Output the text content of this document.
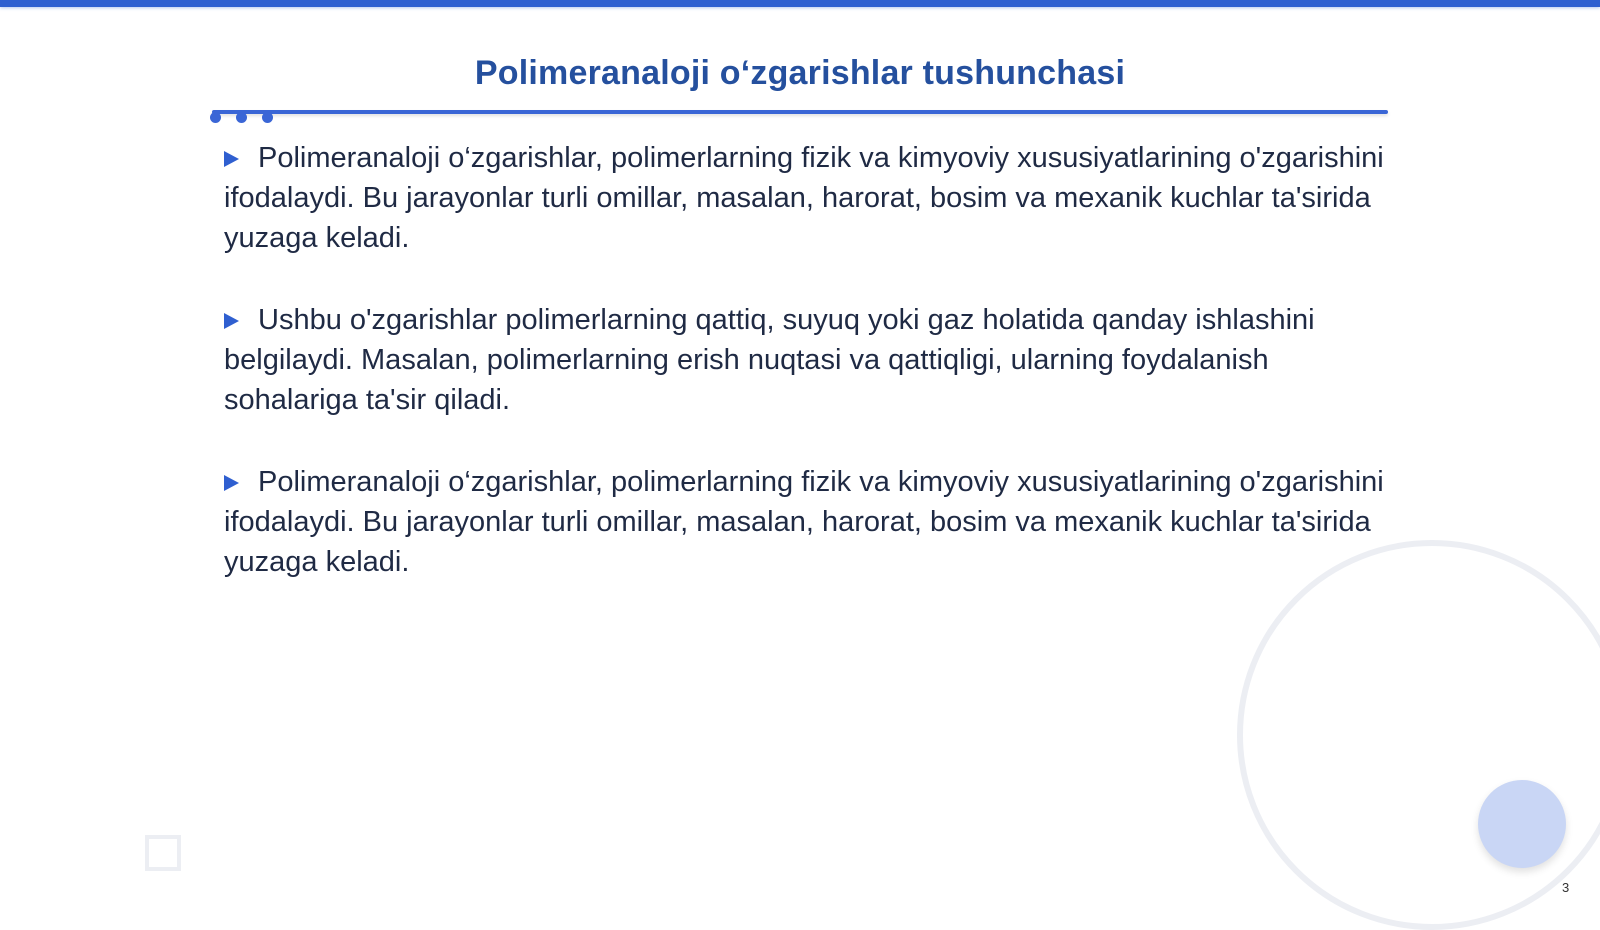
Polimeranaloji o‘zgarishlar tushunchasi

Polimeranaloji o‘zgarishlar, polimerlarning fizik va kimyoviy xususiyatlarining o'zgarishini ifodalaydi. Bu jarayonlar turli omillar, masalan, harorat, bosim va mexanik kuchlar ta'sirida yuzaga keladi.

Ushbu o'zgarishlar polimerlarning qattiq, suyuq yoki gaz holatida qanday ishlashini belgilaydi. Masalan, polimerlarning erish nuqtasi va qattiqligi, ularning foydalanish sohalariga ta'sir qiladi.

Polimeranaloji o‘zgarishlar, polimerlarning fizik va kimyoviy xususiyatlarining o'zgarishini ifodalaydi. Bu jarayonlar turli omillar, masalan, harorat, bosim va mexanik kuchlar ta'sirida yuzaga keladi.

3
